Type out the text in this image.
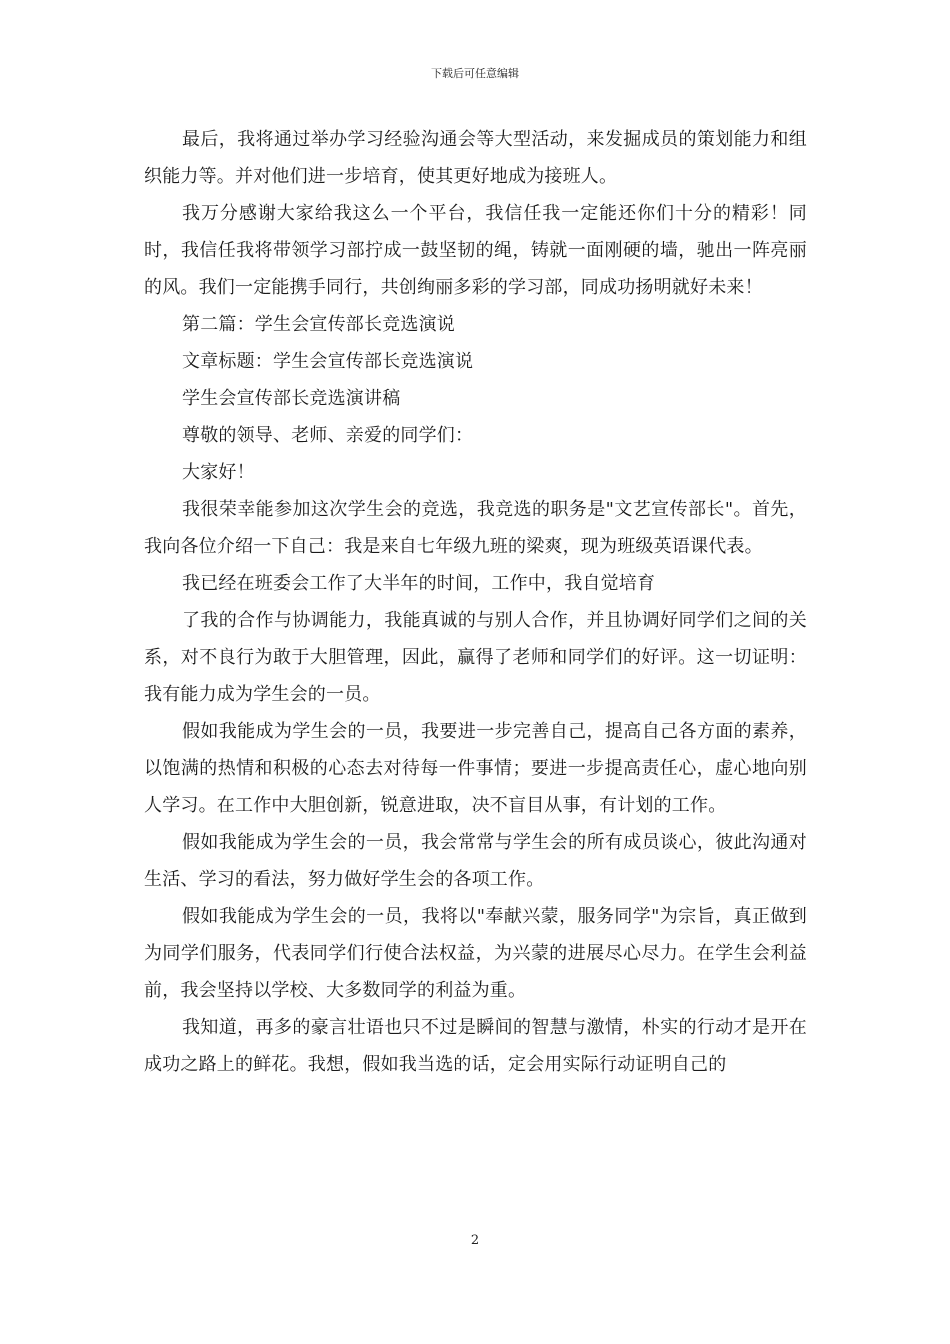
下载后可任意编辑

最后，我将通过举办学习经验沟通会等大型活动，来发掘成员的策划能力和组织能力等。并对他们进一步培育，使其更好地成为接班人。

我万分感谢大家给我这么一个平台，我信任我一定能还你们十分的精彩！同时，我信任我将带领学习部拧成一鼓坚韧的绳，铸就一面刚硬的墙，驰出一阵亮丽的风。我们一定能携手同行，共创绚丽多彩的学习部，同成功扬明就好未来！

第二篇：学生会宣传部长竞选演说

文章标题：学生会宣传部长竞选演说

学生会宣传部长竞选演讲稿

尊敬的领导、老师、亲爱的同学们：

大家好！

我很荣幸能参加这次学生会的竞选，我竞选的职务是"文艺宣传部长"。首先，我向各位介绍一下自己：我是来自七年级九班的梁爽，现为班级英语课代表。

我已经在班委会工作了大半年的时间，工作中，我自觉培育

了我的合作与协调能力，我能真诚的与别人合作，并且协调好同学们之间的关系，对不良行为敢于大胆管理，因此，赢得了老师和同学们的好评。这一切证明：我有能力成为学生会的一员。

假如我能成为学生会的一员，我要进一步完善自己，提高自己各方面的素养，以饱满的热情和积极的心态去对待每一件事情；要进一步提高责任心，虚心地向别人学习。在工作中大胆创新，锐意进取，决不盲目从事，有计划的工作。

假如我能成为学生会的一员，我会常常与学生会的所有成员谈心，彼此沟通对生活、学习的看法，努力做好学生会的各项工作。

假如我能成为学生会的一员，我将以"奉献兴蒙，服务同学"为宗旨，真正做到为同学们服务，代表同学们行使合法权益，为兴蒙的进展尽心尽力。在学生会利益前，我会坚持以学校、大多数同学的利益为重。

我知道，再多的豪言壮语也只不过是瞬间的智慧与激情，朴实的行动才是开在成功之路上的鲜花。我想，假如我当选的话，定会用实际行动证明自己的

2
